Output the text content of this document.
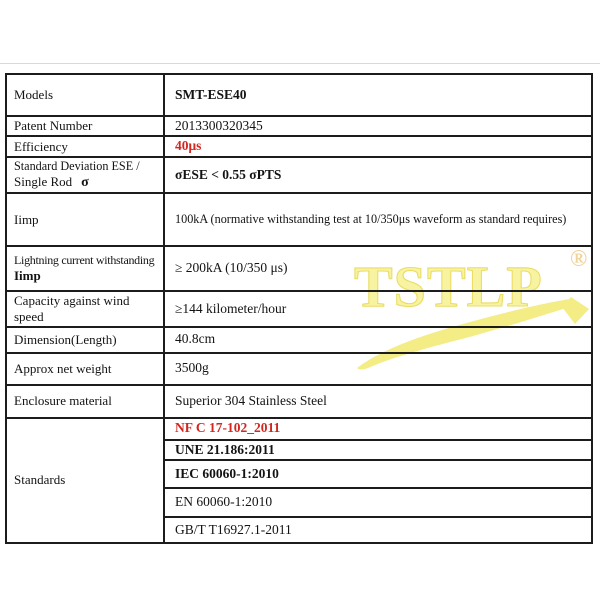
TSTLP ®
Models	SMT-ESE40
Patent Number	2013300320345
Efficiency	40μs

Standard Deviation ESE /
Single Rod σ	σESE < 0.55 σPTS
Iimp	100kA (normative withstanding test at 10/350μs waveform as standard requires)

Lightning current withstanding
Iimp	≥ 200kA (10/350 μs)
Capacity against wind speed	≥144 kilometer/hour
Dimension(Length)	40.8cm
Approx net weight	3500g
Enclosure material	Superior 304 Stainless Steel
Standards	NF C 17-102_2011
	UNE 21.186:2011
	IEC 60060-1:2010
	EN 60060-1:2010
	GB/T T16927.1-2011
